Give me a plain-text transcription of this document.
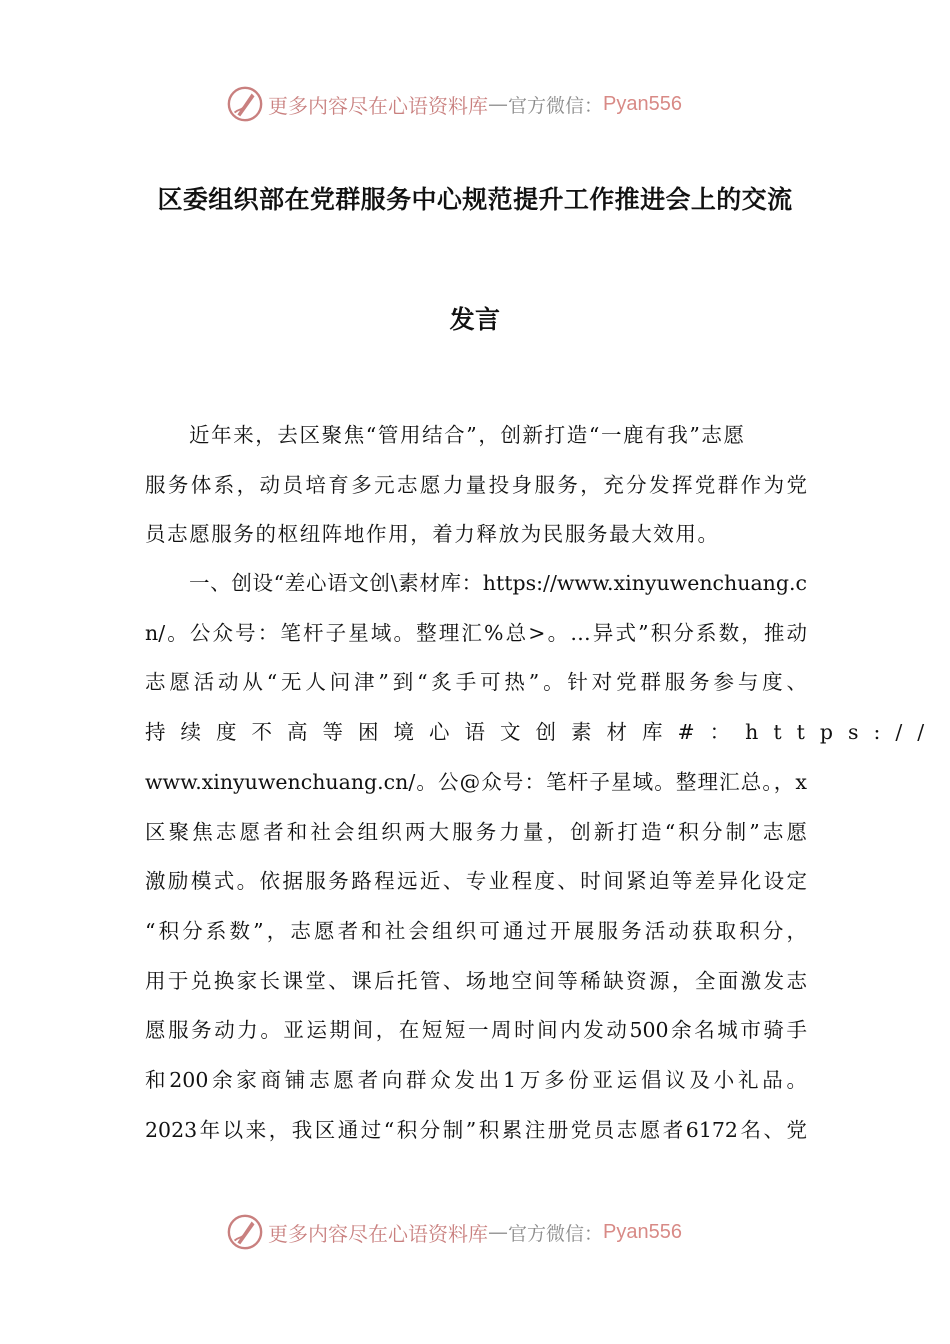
更多内容尽在心语资料库 — 官方微信： Pyan556
区委组织部在党群服务中心规范提升工作推进会上的交流
发言
近年来，去区聚焦“管用结合”，创新打造“一鹿有我”志愿
服务体系，动员培育多元志愿力量投身服务，充分发挥党群作为党
员志愿服务的枢纽阵地作用，着力释放为民服务最大效用。
一、创设“差心语文创\素材库：https://www.xinyuwenchuang.c
n/。公众号：笔杆子星域。整理汇%总>。…异式”积分系数，推动
志愿活动从“无人问津”到“炙手可热”。针对党群服务参与度、
持续度不高等困境心语文创素材库#：https://
www.xinyuwenchuang.cn/。公@众号：笔杆子星域。整理汇总。，x
区聚焦志愿者和社会组织两大服务力量，创新打造“积分制”志愿
激励模式。依据服务路程远近、专业程度、时间紧迫等差异化设定
“积分系数”，志愿者和社会组织可通过开展服务活动获取积分，
用于兑换家长课堂、课后托管、场地空间等稀缺资源，全面激发志
愿服务动力。亚运期间，在短短一周时间内发动500余名城市骑手
和200余家商铺志愿者向群众发出1万多份亚运倡议及小礼品。
2023年以来，我区通过“积分制”积累注册党员志愿者6172名、党
更多内容尽在心语资料库 — 官方微信： Pyan556
